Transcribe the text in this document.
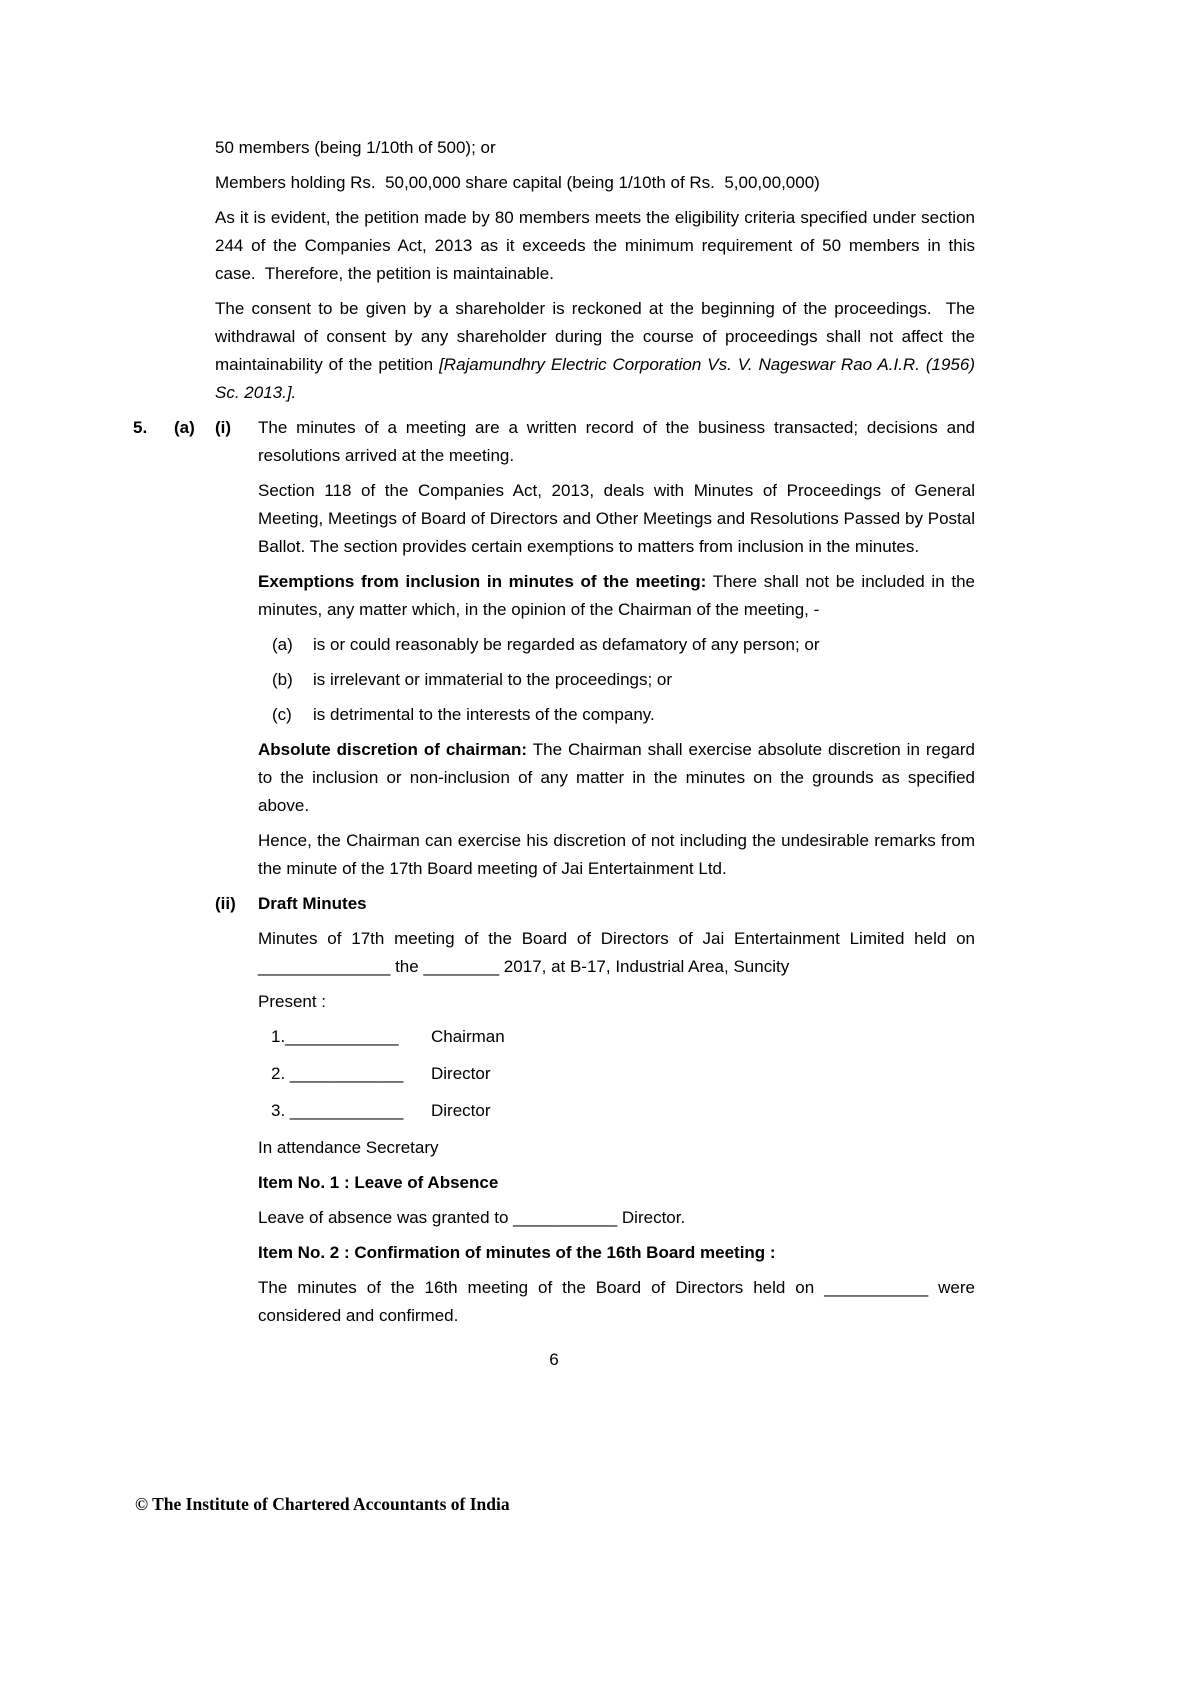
50 members (being 1/10th of 500); or

Members holding Rs.  50,00,000 share capital (being 1/10th of Rs.  5,00,00,000)

As it is evident, the petition made by 80 members meets the eligibility criteria specified under section 244 of the Companies Act, 2013 as it exceeds the minimum requirement of 50 members in this case.  Therefore, the petition is maintainable.

The consent to be given by a shareholder is reckoned at the beginning of the proceedings.  The withdrawal of consent by any shareholder during the course of proceedings shall not affect the maintainability of the petition [Rajamundhry Electric Corporation Vs. V. Nageswar Rao A.I.R. (1956) Sc. 2013.].

5.	(a)	(i)	The minutes of a meeting are a written record of the business transacted; decisions and resolutions arrived at the meeting.

Section 118 of the Companies Act, 2013, deals with Minutes of Proceedings of General Meeting, Meetings of Board of Directors and Other Meetings and Resolutions Passed by Postal Ballot. The section provides certain exemptions to matters from inclusion in the minutes.

Exemptions from inclusion in minutes of the meeting: There shall not be included in the minutes, any matter which, in the opinion of the Chairman of the meeting, -

(a)	is or could reasonably be regarded as defamatory of any person; or
(b)	is irrelevant or immaterial to the proceedings; or
(c)	is detrimental to the interests of the company.

Absolute discretion of chairman: The Chairman shall exercise absolute discretion in regard to the inclusion or non-inclusion of any matter in the minutes on the grounds as specified above.

Hence, the Chairman can exercise his discretion of not including the undesirable remarks from the minute of the 17th Board meeting of Jai Entertainment Ltd.

(ii)	Draft Minutes

Minutes of 17th meeting of the Board of Directors of Jai Entertainment Limited held on ______________ the ________ 2017, at B-17, Industrial Area, Suncity

Present :

1.____________	Chairman
2. ____________	Director
3. ____________	Director

In attendance Secretary

Item No. 1 : Leave of Absence

Leave of absence was granted to ___________ Director.

Item No. 2 : Confirmation of minutes of the 16th Board meeting :

The minutes of the 16th meeting of the Board of Directors held on ___________ were considered and confirmed.

6
© The Institute of Chartered Accountants of India
